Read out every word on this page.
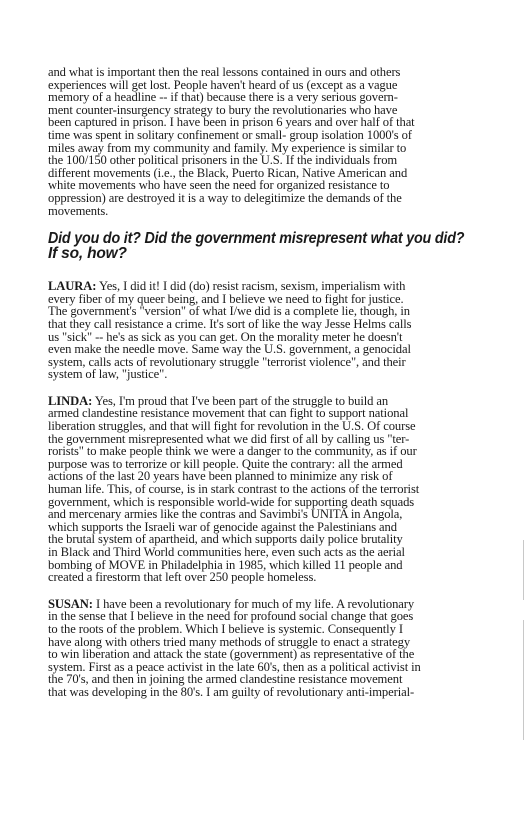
and what is important then the real lessons contained in ours and others
experiences will get lost. People haven't heard of us (except as a vague
memory of a headline -- if that) because there is a very serious govern-
ment counter-insurgency strategy to bury the revolutionaries who have
been captured in prison. I have been in prison 6 years and over half of that
time was spent in solitary confinement or small- group isolation 1000's of
miles away from my community and family. My experience is similar to
the 100/150 other political prisoners in the U.S. If the individuals from
different movements (i.e., the Black, Puerto Rican, Native American and
white movements who have seen the need for organized resistance to
oppression) are destroyed it is a way to delegitimize the demands of the
movements.

Did you do it? Did the government misrepresent what you did?
If so, how?

LAURA: Yes, I did it! I did (do) resist racism, sexism, imperialism with
every fiber of my queer being, and I believe we need to fight for justice.
The government's "version" of what I/we did is a complete lie, though, in
that they call resistance a crime. It's sort of like the way Jesse Helms calls
us "sick" -- he's as sick as you can get. On the morality meter he doesn't
even make the needle move. Same way the U.S. government, a genocidal
system, calls acts of revolutionary struggle "terrorist violence", and their
system of law, "justice".

LINDA: Yes, I'm proud that I've been part of the struggle to build an
armed clandestine resistance movement that can fight to support national
liberation struggles, and that will fight for revolution in the U.S. Of course
the government misrepresented what we did first of all by calling us "ter-
rorists" to make people think we were a danger to the community, as if our
purpose was to terrorize or kill people. Quite the contrary: all the armed
actions of the last 20 years have been planned to minimize any risk of
human life. This, of course, is in stark contrast to the actions of the terrorist
government, which is responsible world-wide for supporting death squads
and mercenary armies like the contras and Savimbi's UNITA in Angola,
which supports the Israeli war of genocide against the Palestinians and
the brutal system of apartheid, and which supports daily police brutality
in Black and Third World communities here, even such acts as the aerial
bombing of MOVE in Philadelphia in 1985, which killed 11 people and
created a firestorm that left over 250 people homeless.

SUSAN: I have been a revolutionary for much of my life. A revolutionary
in the sense that I believe in the need for profound social change that goes
to the roots of the problem. Which I believe is systemic. Consequently I
have along with others tried many methods of struggle to enact a strategy
to win liberation and attack the state (government) as representative of the
system. First as a peace activist in the late 60's, then as a political activist in
the 70's, and then in joining the armed clandestine resistance movement
that was developing in the 80's. I am guilty of revolutionary anti-imperial-
